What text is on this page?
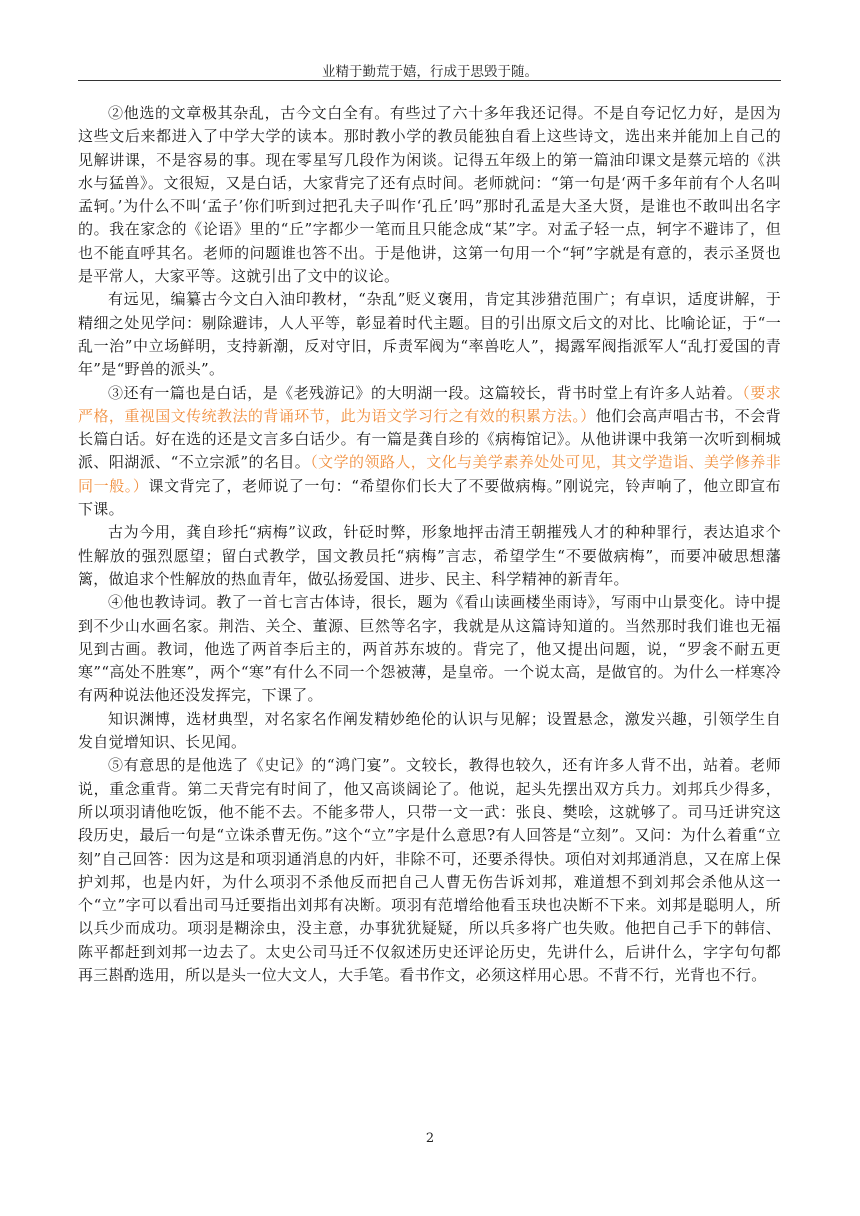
业精于勤荒于嬉，行成于思毁于随。

②他选的文章极其杂乱，古今文白全有。有些过了六十多年我还记得。不是自夸记忆力好，是因为这些文后来都进入了中学大学的读本。那时教小学的教员能独自看上这些诗文，选出来并能加上自己的见解讲课，不是容易的事。现在零星写几段作为闲谈。记得五年级上的第一篇油印课文是蔡元培的《洪水与猛兽》。文很短，又是白话，大家背完了还有点时间。老师就问：“第一句是‘两千多年前有个人名叫孟轲。’为什么不叫‘孟子’你们听到过把孔夫子叫作‘孔丘’吗”那时孔孟是大圣大贤，是谁也不敢叫出名字的。我在家念的《论语》里的“丘”字都少一笔而且只能念成“某”字。对孟子轻一点，轲字不避讳了，但也不能直呼其名。老师的问题谁也答不出。于是他讲，这第一句用一个“轲”字就是有意的，表示圣贤也是平常人，大家平等。这就引出了文中的议论。

有远见，编纂古今文白入油印教材，“杂乱”贬义褒用，肯定其涉猎范围广；有卓识，适度讲解，于精细之处见学问：剔除避讳，人人平等，彰显着时代主题。目的引出原文后文的对比、比喻论证，于“一乱一治”中立场鲜明，支持新潮，反对守旧，斥责军阀为“率兽吃人”，揭露军阀指派军人“乱打爱国的青年”是“野兽的派头”。

③还有一篇也是白话，是《老残游记》的大明湖一段。这篇较长，背书时堂上有许多人站着。（要求严格，重视国文传统教法的背诵环节，此为语文学习行之有效的积累方法。）他们会高声唱古书，不会背长篇白话。好在选的还是文言多白话少。有一篇是龚自珍的《病梅馆记》。从他讲课中我第一次听到桐城派、阳湖派、“不立宗派”的名目。（文学的领路人，文化与美学素养处处可见，其文学造诣、美学修养非同一般。）课文背完了，老师说了一句：“希望你们长大了不要做病梅。”刚说完，铃声响了，他立即宣布下课。

古为今用，龚自珍托“病梅”议政，针砭时弊，形象地抨击清王朝摧残人才的种种罪行，表达追求个性解放的强烈愿望；留白式教学，国文教员托“病梅”言志，希望学生“不要做病梅”，而要冲破思想藩篱，做追求个性解放的热血青年，做弘扬爱国、进步、民主、科学精神的新青年。

④他也教诗词。教了一首七言古体诗，很长，题为《看山读画楼坐雨诗》，写雨中山景变化。诗中提到不少山水画名家。荆浩、关仝、董源、巨然等名字，我就是从这篇诗知道的。当然那时我们谁也无福见到古画。教词，他选了两首李后主的，两首苏东坡的。背完了，他又提出问题，说，“罗衾不耐五更寒”“高处不胜寒”，两个“寒”有什么不同一个怨被薄，是皇帝。一个说太高，是做官的。为什么一样寒冷有两种说法他还没发挥完，下课了。

知识渊博，选材典型，对名家名作阐发精妙绝伦的认识与见解；设置悬念，激发兴趣，引领学生自发自觉增知识、长见闻。

⑤有意思的是他选了《史记》的“鸿门宴”。文较长，教得也较久，还有许多人背不出，站着。老师说，重念重背。第二天背完有时间了，他又高谈阔论了。他说，起头先摆出双方兵力。刘邦兵少得多，所以项羽请他吃饭，他不能不去。不能多带人，只带一文一武：张良、樊哙，这就够了。司马迁讲究这段历史，最后一句是“立诛杀曹无伤。”这个“立”字是什么意思?有人回答是“立刻”。又问：为什么着重“立刻”自己回答：因为这是和项羽通消息的内奸，非除不可，还要杀得快。项伯对刘邦通消息，又在席上保护刘邦，也是内奸，为什么项羽不杀他反而把自己人曹无伤告诉刘邦，难道想不到刘邦会杀他从这一个“立”字可以看出司马迁要指出刘邦有决断。项羽有范增给他看玉玦也决断不下来。刘邦是聪明人，所以兵少而成功。项羽是糊涂虫，没主意，办事犹犹疑疑，所以兵多将广也失败。他把自己手下的韩信、陈平都赶到刘邦一边去了。太史公司马迁不仅叙述历史还评论历史，先讲什么，后讲什么，字字句句都再三斟酌选用，所以是头一位大文人，大手笔。看书作文，必须这样用心思。不背不行，光背也不行。

2
